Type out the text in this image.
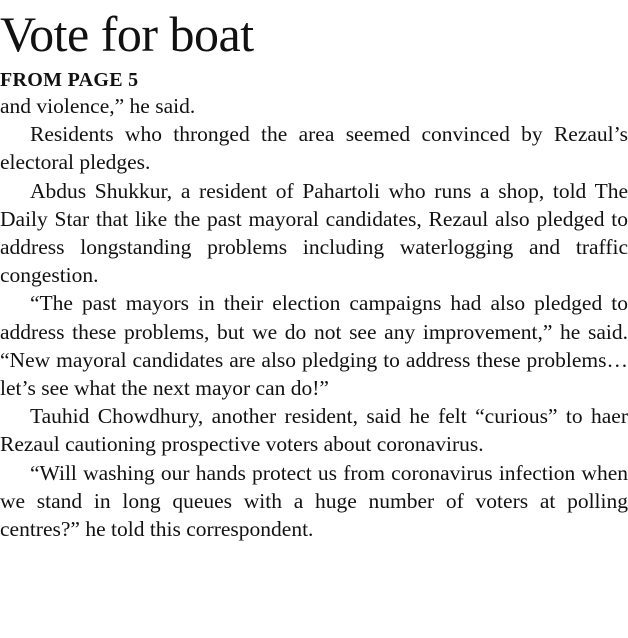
Vote for boat
FROM PAGE 5

and violence,” he said.

Residents who thronged the area seemed convinced by Rezaul’s electoral pledges.

Abdus Shukkur, a resident of Pahartoli who runs a shop, told The Daily Star that like the past mayoral candidates, Rezaul also pledged to address longstanding problems including waterlogging and traffic congestion.

“The past mayors in their election campaigns had also pledged to address these problems, but we do not see any improvement,” he said. “New mayoral candidates are also pledging to address these problems… let’s see what the next mayor can do!”

Tauhid Chowdhury, another resident, said he felt “curious” to haer Rezaul cautioning prospective voters about coronavirus.

“Will washing our hands protect us from coronavirus infection when we stand in long queues with a huge number of voters at polling centres?” he told this correspondent.
